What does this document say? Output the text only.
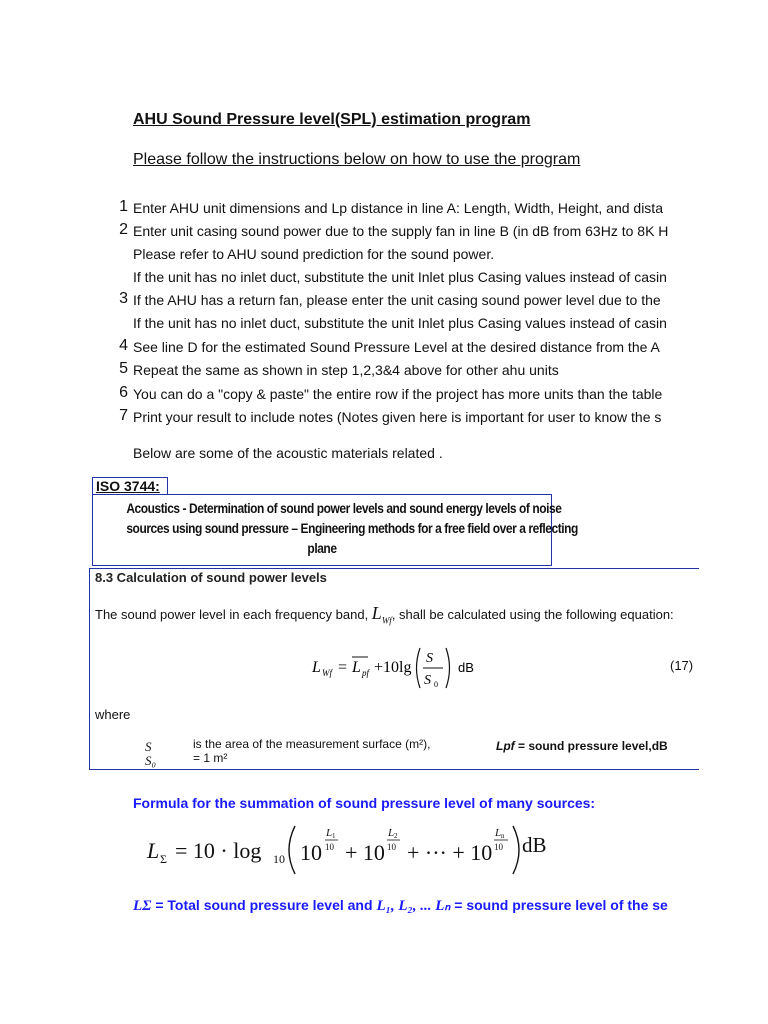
AHU Sound Pressure level(SPL) estimation program
Please follow the instructions below on how to use the program
1 Enter AHU unit dimensions and Lp distance in line A: Length, Width, Height, and dista
2 Enter unit casing sound power due to the supply fan in line B (in dB from 63Hz to 8K H
Please refer to AHU sound prediction for the sound power.
If the unit has no inlet duct, substitute the unit Inlet plus Casing values instead of casin
3 If the AHU has a return fan, please enter the unit casing sound power level due to the
If the unit has no inlet duct, substitute the unit Inlet plus Casing values instead of casin
4 See line D for the estimated Sound Pressure Level at the desired distance from the A
5 Repeat the same as shown in step 1,2,3&4 above for other ahu units
6 You can do a "copy & paste" the entire row if the project has more units than the table
7 Print your result to include notes (Notes given here is important for user to know the s
Below are some of the acoustic materials related .
ISO 3744:
Acoustics - Determination of sound power levels and sound energy levels of noise
sources using sound pressure – Engineering methods for a free field over a reflecting
plane
8.3 Calculation of sound power levels
The sound power level in each frequency band, $L_{Wf}$, shall be calculated using the following equation:
L Wf = L pf +10lg
S
S 0
dB	(17)
where
S	is the area of the measurement surface (m²),
S₀	= 1 m²
Lpf = sound pressure level,dB
Formula for the summation of sound pressure level of many sources:
L Σ = 10 · log 10 10
L 1
10 + 10
L 2
10 + ··· + 10
L n
10 dB
LΣ = Total sound pressure level and L₁, L₂, ... Lₙ = sound pressure level of the se
